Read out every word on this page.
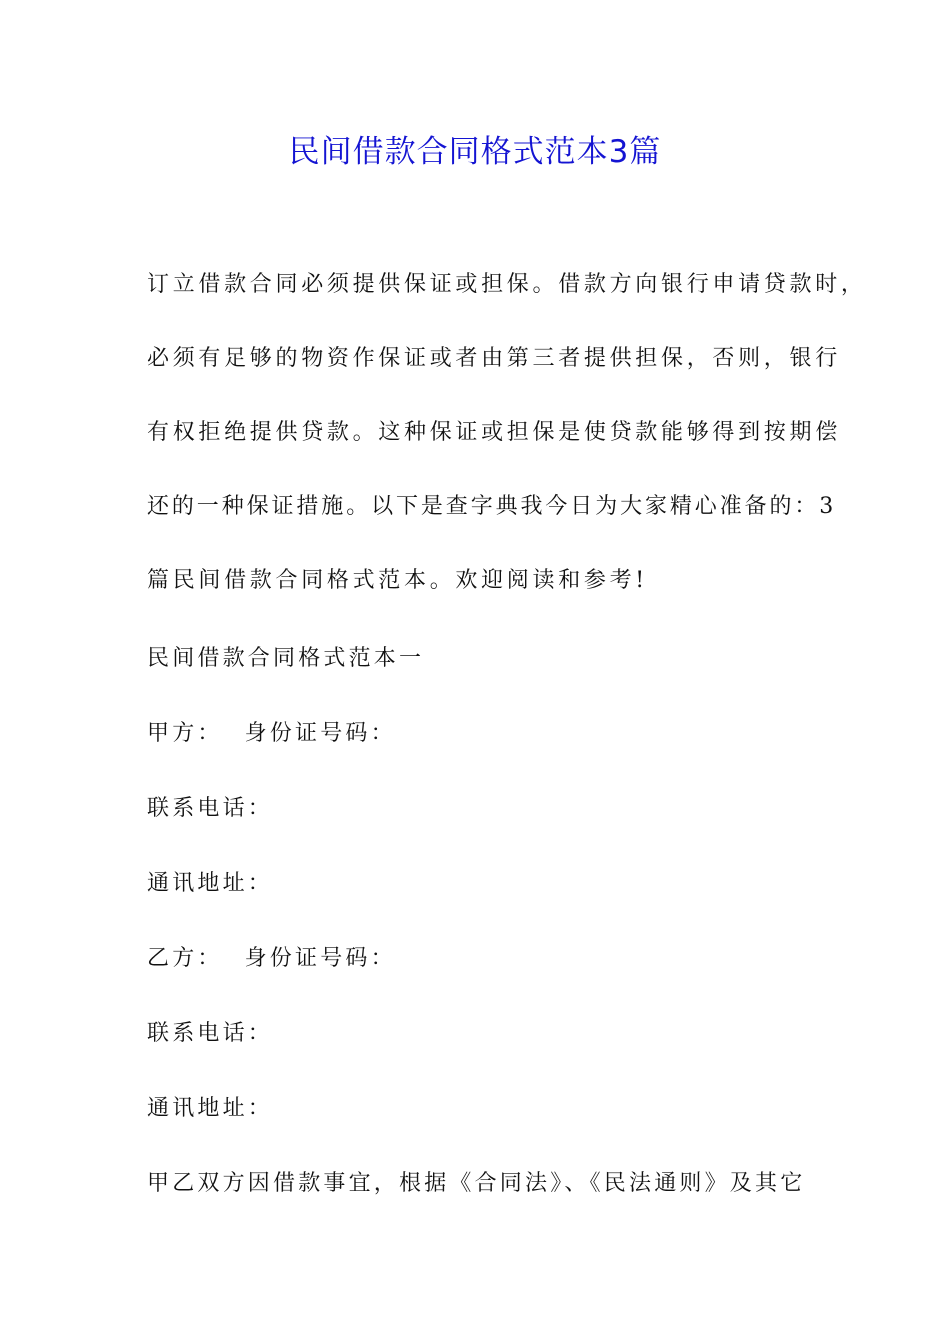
民间借款合同格式范本3篇
订立借款合同必须提供保证或担保。借款方向银行申请贷款时，
必须有足够的物资作保证或者由第三者提供担保，否则，银行
有权拒绝提供贷款。这种保证或担保是使贷款能够得到按期偿
还的一种保证措施。以下是查字典我今日为大家精心准备的：3
篇民间借款合同格式范本。欢迎阅读和参考!
民间借款合同格式范本一
甲方： 身份证号码：
联系电话：
通讯地址：
乙方： 身份证号码：
联系电话：
通讯地址：
甲乙双方因借款事宜，根据《合同法》、《民法通则》及其它
